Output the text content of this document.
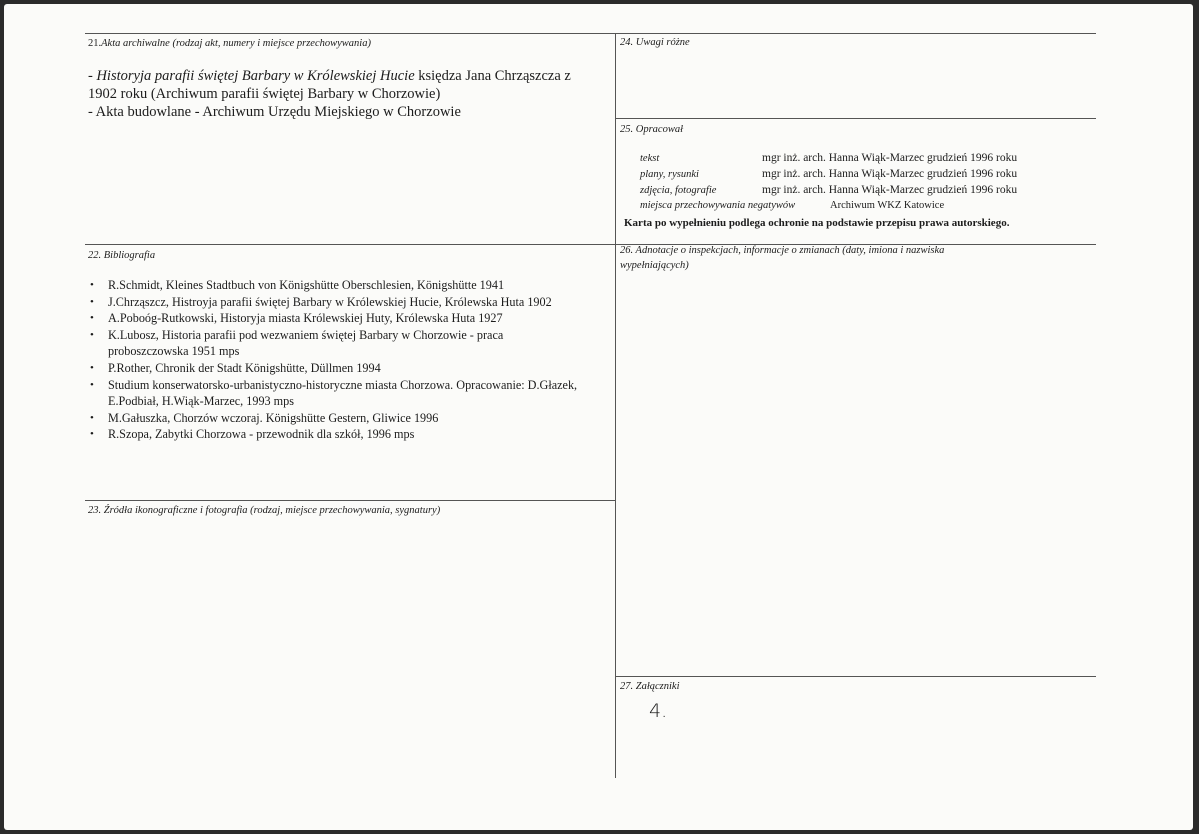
21.Akta archiwalne (rodzaj akt, numery i miejsce przechowywania)
- Historyja parafii świętej Barbary w Królewskiej Hucie księdza Jana Chrząszcza z
1902 roku (Archiwum parafii świętej Barbary w Chorzowie)
- Akta budowlane - Archiwum Urzędu Miejskiego w Chorzowie
24. Uwagi różne
25. Opracował
tekst	mgr inż. arch. Hanna Wiąk-Marzec grudzień 1996 roku
plany, rysunki	mgr inż. arch. Hanna Wiąk-Marzec grudzień 1996 roku
zdjęcia, fotografie	mgr inż. arch. Hanna Wiąk-Marzec grudzień 1996 roku
miejsca przechowywania negatywów	Archiwum WKZ Katowice
Karta po wypełnieniu podlega ochronie na podstawie przepisu prawa autorskiego.
22. Bibliografia
• R.Schmidt, Kleines Stadtbuch von Königshütte Oberschlesien, Königshütte 1941
• J.Chrząszcz, Histroyja parafii świętej Barbary w Królewskiej Hucie, Królewska Huta 1902
• A.Poboóg-Rutkowski, Historyja miasta Królewskiej Huty, Królewska Huta 1927
• K.Lubosz, Historia parafii pod wezwaniem świętej Barbary w Chorzowie - praca proboszczowska 1951 mps
• P.Rother, Chronik der Stadt Königshütte, Düllmen 1994
• Studium konserwatorsko-urbanistyczno-historyczne miasta Chorzowa. Opracowanie: D.Głazek, E.Podbiał, H.Wiąk-Marzec, 1993 mps
• M.Gałuszka, Chorzów wczoraj. Königshütte Gestern, Gliwice 1996
• R.Szopa, Zabytki Chorzowa - przewodnik dla szkół, 1996 mps
26. Adnotacje o inspekcjach, informacje o zmianach (daty, imiona i nazwiska
wypełniających)
23. Źródła ikonograficzne i fotografia (rodzaj, miejsce przechowywania, sygnatury)
27. Załączniki
4.
